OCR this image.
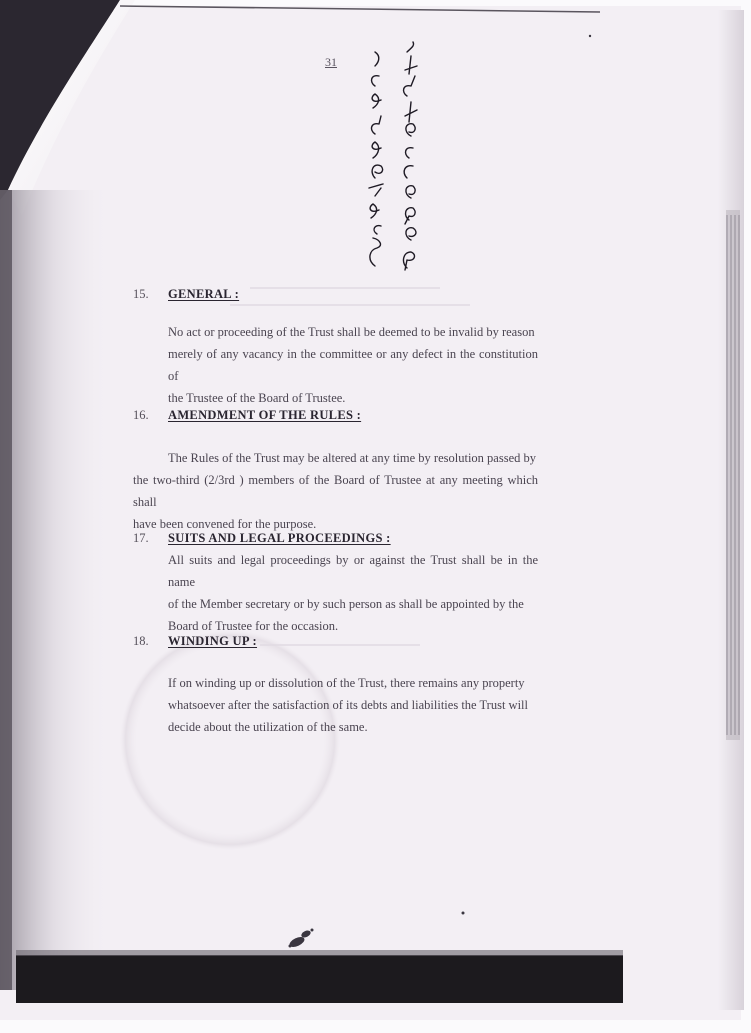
31
15. GENERAL :
No act or proceeding of the Trust shall be deemed to be invalid by reason
merely of any vacancy in the committee or any defect in the constitution of
the Trustee of the Board of Trustee.
16. AMENDMENT OF THE RULES :
The Rules of the Trust may be altered at any time by resolution passed by
the two-third (2/3rd ) members of the Board of Trustee at any meeting which shall
have been convened for the purpose.
17. SUITS AND LEGAL PROCEEDINGS :
All suits and legal proceedings by or against the Trust shall be in the name
of the Member secretary or by such person as shall be appointed by the
Board of Trustee for the occasion.
18. WINDING UP :
If on winding up or dissolution of the Trust, there remains any property
whatsoever after the satisfaction of its debts and liabilities the Trust will
decide about the utilization of the same.
